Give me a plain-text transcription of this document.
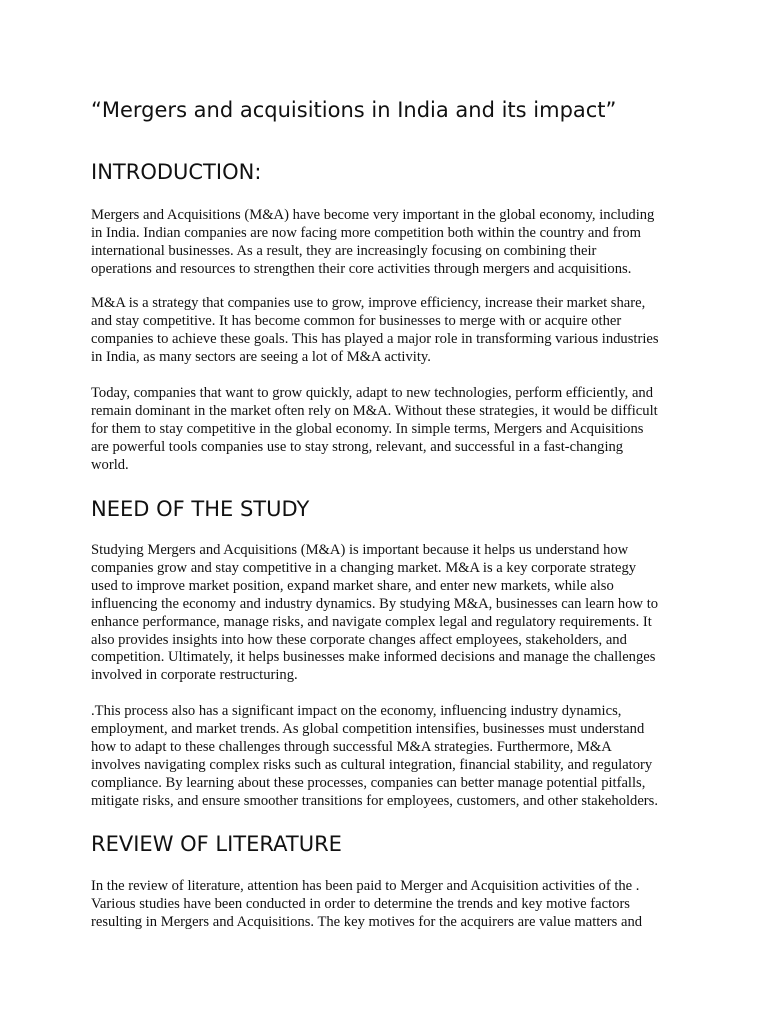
“Mergers and acquisitions in India and its impact”
INTRODUCTION:

Mergers and Acquisitions (M&A) have become very important in the global economy, including
in India. Indian companies are now facing more competition both within the country and from
international businesses. As a result, they are increasingly focusing on combining their
operations and resources to strengthen their core activities through mergers and acquisitions.

M&A is a strategy that companies use to grow, improve efficiency, increase their market share,
and stay competitive. It has become common for businesses to merge with or acquire other
companies to achieve these goals. This has played a major role in transforming various industries
in India, as many sectors are seeing a lot of M&A activity.

Today, companies that want to grow quickly, adapt to new technologies, perform efficiently, and
remain dominant in the market often rely on M&A. Without these strategies, it would be difficult
for them to stay competitive in the global economy. In simple terms, Mergers and Acquisitions
are powerful tools companies use to stay strong, relevant, and successful in a fast-changing
world.

NEED OF THE STUDY

Studying Mergers and Acquisitions (M&A) is important because it helps us understand how
companies grow and stay competitive in a changing market. M&A is a key corporate strategy
used to improve market position, expand market share, and enter new markets, while also
influencing the economy and industry dynamics. By studying M&A, businesses can learn how to
enhance performance, manage risks, and navigate complex legal and regulatory requirements. It
also provides insights into how these corporate changes affect employees, stakeholders, and
competition. Ultimately, it helps businesses make informed decisions and manage the challenges
involved in corporate restructuring.

.This process also has a significant impact on the economy, influencing industry dynamics,
employment, and market trends. As global competition intensifies, businesses must understand
how to adapt to these challenges through successful M&A strategies. Furthermore, M&A
involves navigating complex risks such as cultural integration, financial stability, and regulatory
compliance. By learning about these processes, companies can better manage potential pitfalls,
mitigate risks, and ensure smoother transitions for employees, customers, and other stakeholders.

REVIEW OF LITERATURE

In the review of literature, attention has been paid to Merger and Acquisition activities of the .
Various studies have been conducted in order to determine the trends and key motive factors
resulting in Mergers and Acquisitions. The key motives for the acquirers are value matters and
